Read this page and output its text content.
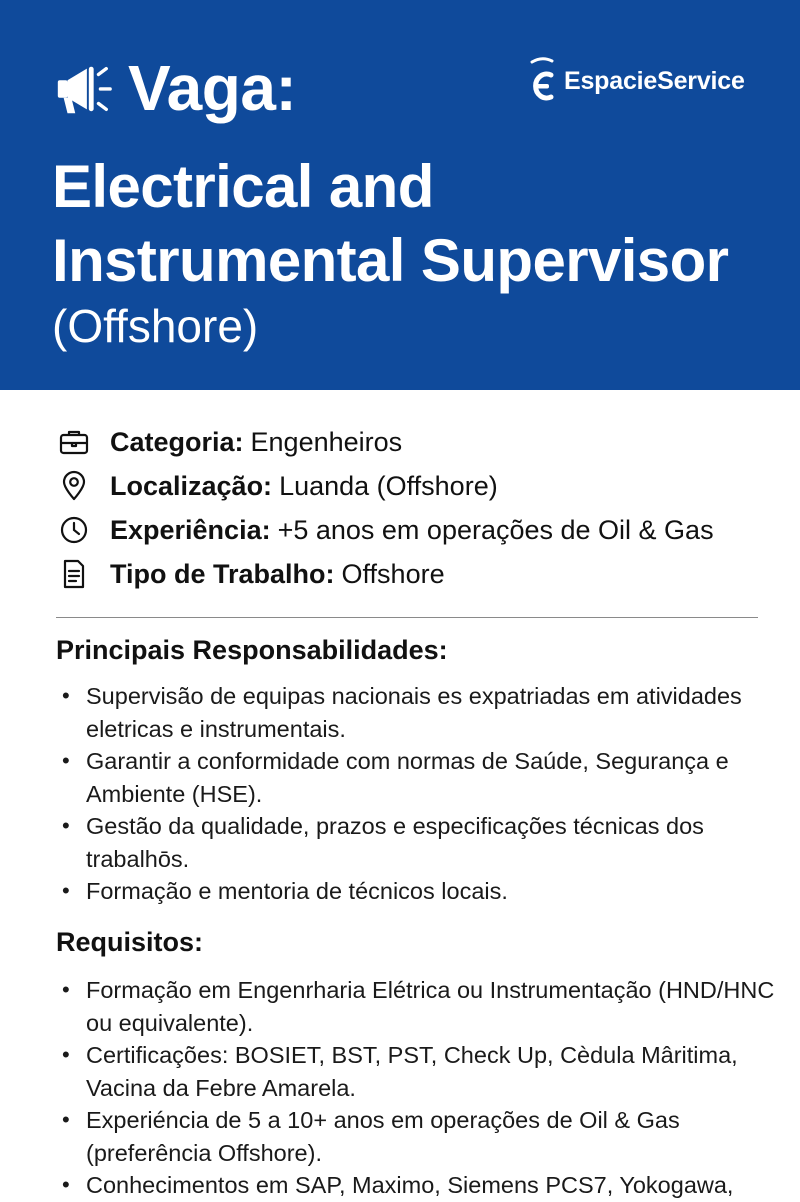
Vaga:	EspacieService
Electrical and
Instrumental Supervisor
(Offshore)
Categoria: Engenheiros
Localização: Luanda (Offshore)
Experiência: +5 anos em operações de Oil & Gas
Tipo de Trabalho: Offshore
Principais Responsabilidades:
• Supervisão de equipas nacionais es expatriadas em atividades eletricas e instrumentais.
• Garantir a conformidade com normas de Saúde, Segurança e Ambiente (HSE).
• Gestão da qualidade, prazos e especificações técnicas dos trabalhōs.
• Formação e mentoria de técnicos locais.
Requisitos:
• Formação em Engenrharia Elétrica ou Instrumentação (HND/HNC ou equivalente).
• Certificações: BOSIET, BST, PST, Check Up, Cèdula Mâritima, Vacina da Febre Amarela.
• Experiéncia de 5 a 10+ anos em operações de Oil & Gas (preferência Offshore).
• Conhecimentos em SAP, Maximo, Siemens PCS7, Yokogawa,
